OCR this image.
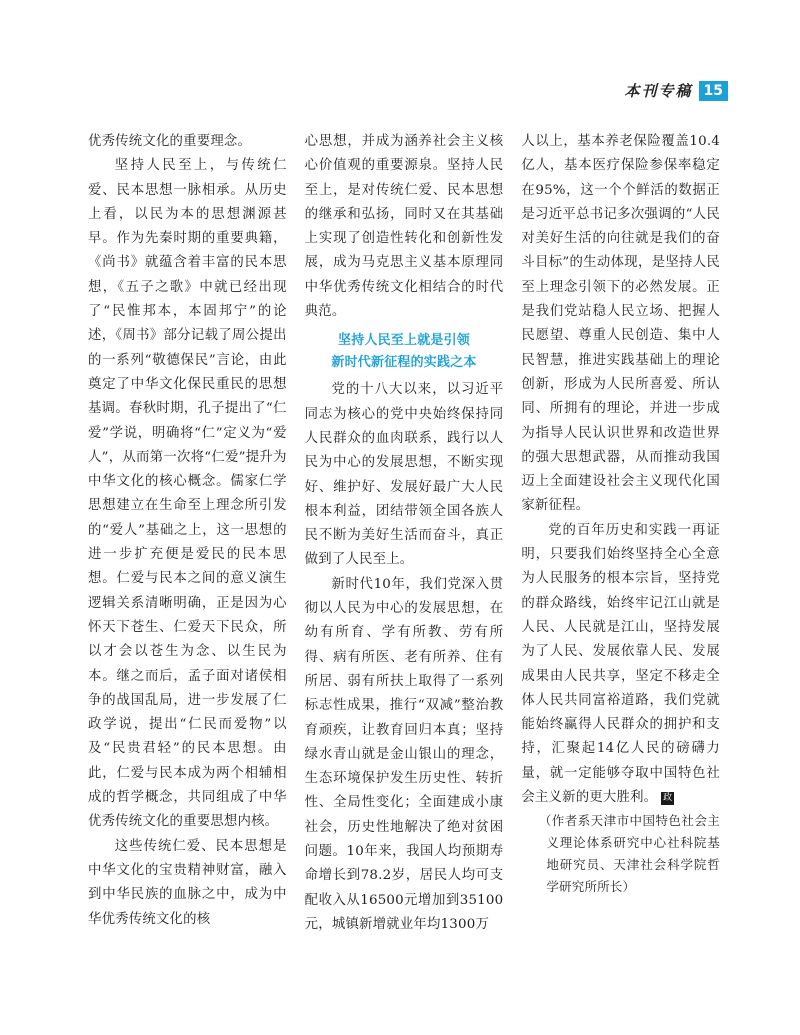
本刊专稿 15

优秀传统文化的重要理念。

坚持人民至上，与传统仁爱、民本思想一脉相承。从历史上看，以民为本的思想渊源甚早。作为先秦时期的重要典籍，《尚书》就蕴含着丰富的民本思想，《五子之歌》中就已经出现了“民惟邦本，本固邦宁”的论述，《周书》部分记载了周公提出的一系列“敬德保民”言论，由此奠定了中华文化保民重民的思想基调。春秋时期，孔子提出了“仁爱”学说，明确将“仁”定义为“爱人”，从而第一次将“仁爱”提升为中华文化的核心概念。儒家仁学思想建立在生命至上理念所引发的“爱人”基础之上，这一思想的进一步扩充便是爱民的民本思想。仁爱与民本之间的意义演生逻辑关系清晰明确，正是因为心怀天下苍生、仁爱天下民众，所以才会以苍生为念、以生民为本。继之而后，孟子面对诸侯相争的战国乱局，进一步发展了仁政学说，提出“仁民而爱物”以及“民贵君轻”的民本思想。由此，仁爱与民本成为两个相辅相成的哲学概念，共同组成了中华优秀传统文化的重要思想内核。

这些传统仁爱、民本思想是中华文化的宝贵精神财富，融入到中华民族的血脉之中，成为中华优秀传统文化的核

心思想，并成为涵养社会主义核心价值观的重要源泉。坚持人民至上，是对传统仁爱、民本思想的继承和弘扬，同时又在其基础上实现了创造性转化和创新性发展，成为马克思主义基本原理同中华优秀传统文化相结合的时代典范。

坚持人民至上就是引领
新时代新征程的实践之本

党的十八大以来，以习近平同志为核心的党中央始终保持同人民群众的血肉联系，践行以人民为中心的发展思想，不断实现好、维护好、发展好最广大人民根本利益，团结带领全国各族人民不断为美好生活而奋斗，真正做到了人民至上。

新时代10年，我们党深入贯彻以人民为中心的发展思想，在幼有所育、学有所教、劳有所得、病有所医、老有所养、住有所居、弱有所扶上取得了一系列标志性成果，推行“双减”整治教育顽疾，让教育回归本真；坚持绿水青山就是金山银山的理念，生态环境保护发生历史性、转折性、全局性变化；全面建成小康社会，历史性地解决了绝对贫困问题。10年来，我国人均预期寿命增长到78.2岁，居民人均可支配收入从16500元增加到35100元，城镇新增就业年均1300万

人以上，基本养老保险覆盖10.4亿人，基本医疗保险参保率稳定在95%，这一个个鲜活的数据正是习近平总书记多次强调的“人民对美好生活的向往就是我们的奋斗目标”的生动体现，是坚持人民至上理念引领下的必然发展。正是我们党站稳人民立场、把握人民愿望、尊重人民创造、集中人民智慧，推进实践基础上的理论创新，形成为人民所喜爱、所认同、所拥有的理论，并进一步成为指导人民认识世界和改造世界的强大思想武器，从而推动我国迈上全面建设社会主义现代化国家新征程。

党的百年历史和实践一再证明，只要我们始终坚持全心全意为人民服务的根本宗旨，坚持党的群众路线，始终牢记江山就是人民、人民就是江山，坚持发展为了人民、发展依靠人民、发展成果由人民共享，坚定不移走全体人民共同富裕道路，我们党就能始终赢得人民群众的拥护和支持，汇聚起14亿人民的磅礴力量，就一定能够夺取中国特色社会主义新的更大胜利。 政

（作者系天津市中国特色社会主义理论体系研究中心社科院基地研究员、天津社会科学院哲学研究所所长）
